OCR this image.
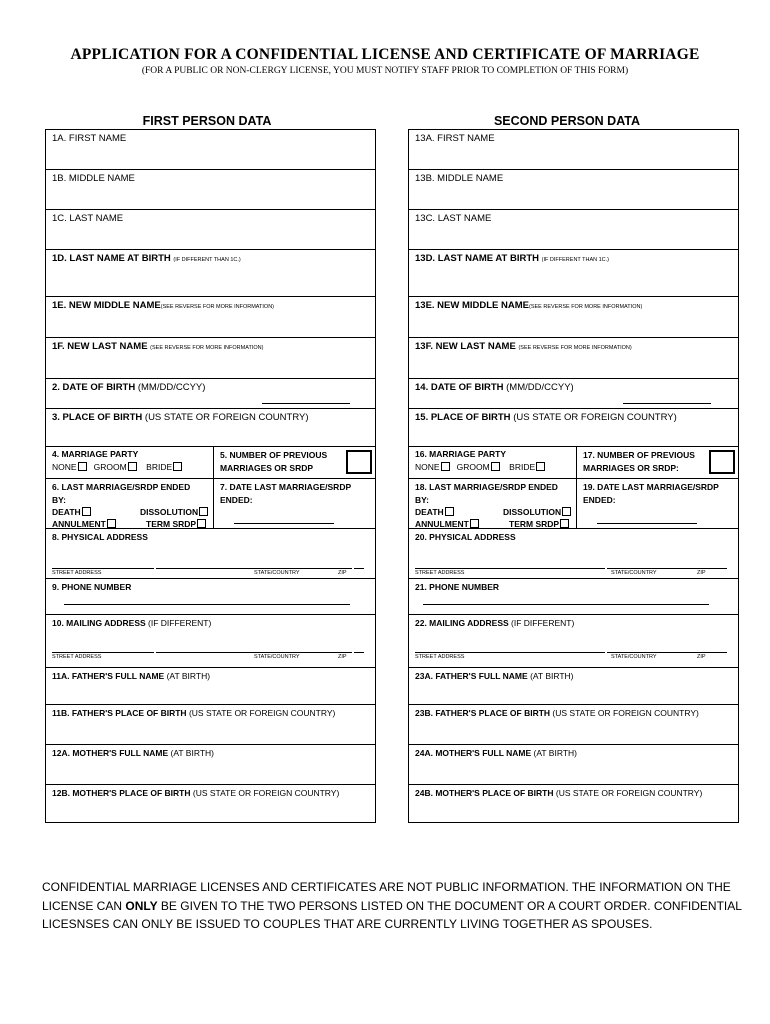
APPLICATION FOR A CONFIDENTIAL LICENSE AND CERTIFICATE OF MARRIAGE
(FOR A PUBLIC OR NON-CLERGY LICENSE, YOU MUST NOTIFY STAFF PRIOR TO COMPLETION OF THIS FORM)
FIRST PERSON DATA
1A. FIRST NAME
1B. MIDDLE NAME
1C. LAST NAME
1D. LAST NAME AT BIRTH (IF DIFFERENT THAN 1C.)
1E. NEW MIDDLE NAME(SEE REVERSE FOR MORE INFORMATION)
1F. NEW LAST NAME (SEE REVERSE FOR MORE INFORMATION)
2. DATE OF BIRTH (MM/DD/CCYY)
3. PLACE OF BIRTH (US STATE OR FOREIGN COUNTRY)
4. MARRIAGE PARTY
NONE GROOM BRIDE
5. NUMBER OF PREVIOUS MARRIAGES OR SRDP
6. LAST MARRIAGE/SRDP ENDED BY:
DEATH	DISSOLUTION
ANNULMENT	TERM SRDP
7. DATE LAST MARRIAGE/SRDP ENDED:
8. PHYSICAL ADDRESS
STREET ADDRESS	STATE/COUNTRY	ZIP
9. PHONE NUMBER
10. MAILING ADDRESS (IF DIFFERENT)
STREET ADDRESS	STATE/COUNTRY	ZIP
11A. FATHER'S FULL NAME (AT BIRTH)
11B. FATHER'S PLACE OF BIRTH (US STATE OR FOREIGN COUNTRY)
12A. MOTHER'S FULL NAME (AT BIRTH)
12B. MOTHER'S PLACE OF BIRTH (US STATE OR FOREIGN COUNTRY)
SECOND PERSON DATA
13A. FIRST NAME
13B. MIDDLE NAME
13C. LAST NAME
13D. LAST NAME AT BIRTH (IF DIFFERENT THAN 1C.)
13E. NEW MIDDLE NAME(SEE REVERSE FOR MORE INFORMATION)
13F. NEW LAST NAME (SEE REVERSE FOR MORE INFORMATION)
14. DATE OF BIRTH (MM/DD/CCYY)
15. PLACE OF BIRTH (US STATE OR FOREIGN COUNTRY)
16. MARRIAGE PARTY
NONE GROOM BRIDE
17. NUMBER OF PREVIOUS MARRIAGES OR SRDP:
18. LAST MARRIAGE/SRDP ENDED BY:
DEATH	DISSOLUTION
ANNULMENT	TERM SRDP
19. DATE LAST MARRIAGE/SRDP ENDED:
20. PHYSICAL ADDRESS
STREET ADDRESS	STATE/COUNTRY	ZIP
21. PHONE NUMBER
22. MAILING ADDRESS (IF DIFFERENT)
STREET ADDRESS	STATE/COUNTRY	ZIP
23A. FATHER'S FULL NAME (AT BIRTH)
23B. FATHER'S PLACE OF BIRTH (US STATE OR FOREIGN COUNTRY)
24A. MOTHER'S FULL NAME (AT BIRTH)
24B. MOTHER'S PLACE OF BIRTH (US STATE OR FOREIGN COUNTRY)
CONFIDENTIAL MARRIAGE LICENSES AND CERTIFICATES ARE NOT PUBLIC INFORMATION. THE INFORMATION ON THE LICENSE CAN ONLY BE GIVEN TO THE TWO PERSONS LISTED ON THE DOCUMENT OR A COURT ORDER. CONFIDENTIAL LICESNSES CAN ONLY BE ISSUED TO COUPLES THAT ARE CURRENTLY LIVING TOGETHER AS SPOUSES.
